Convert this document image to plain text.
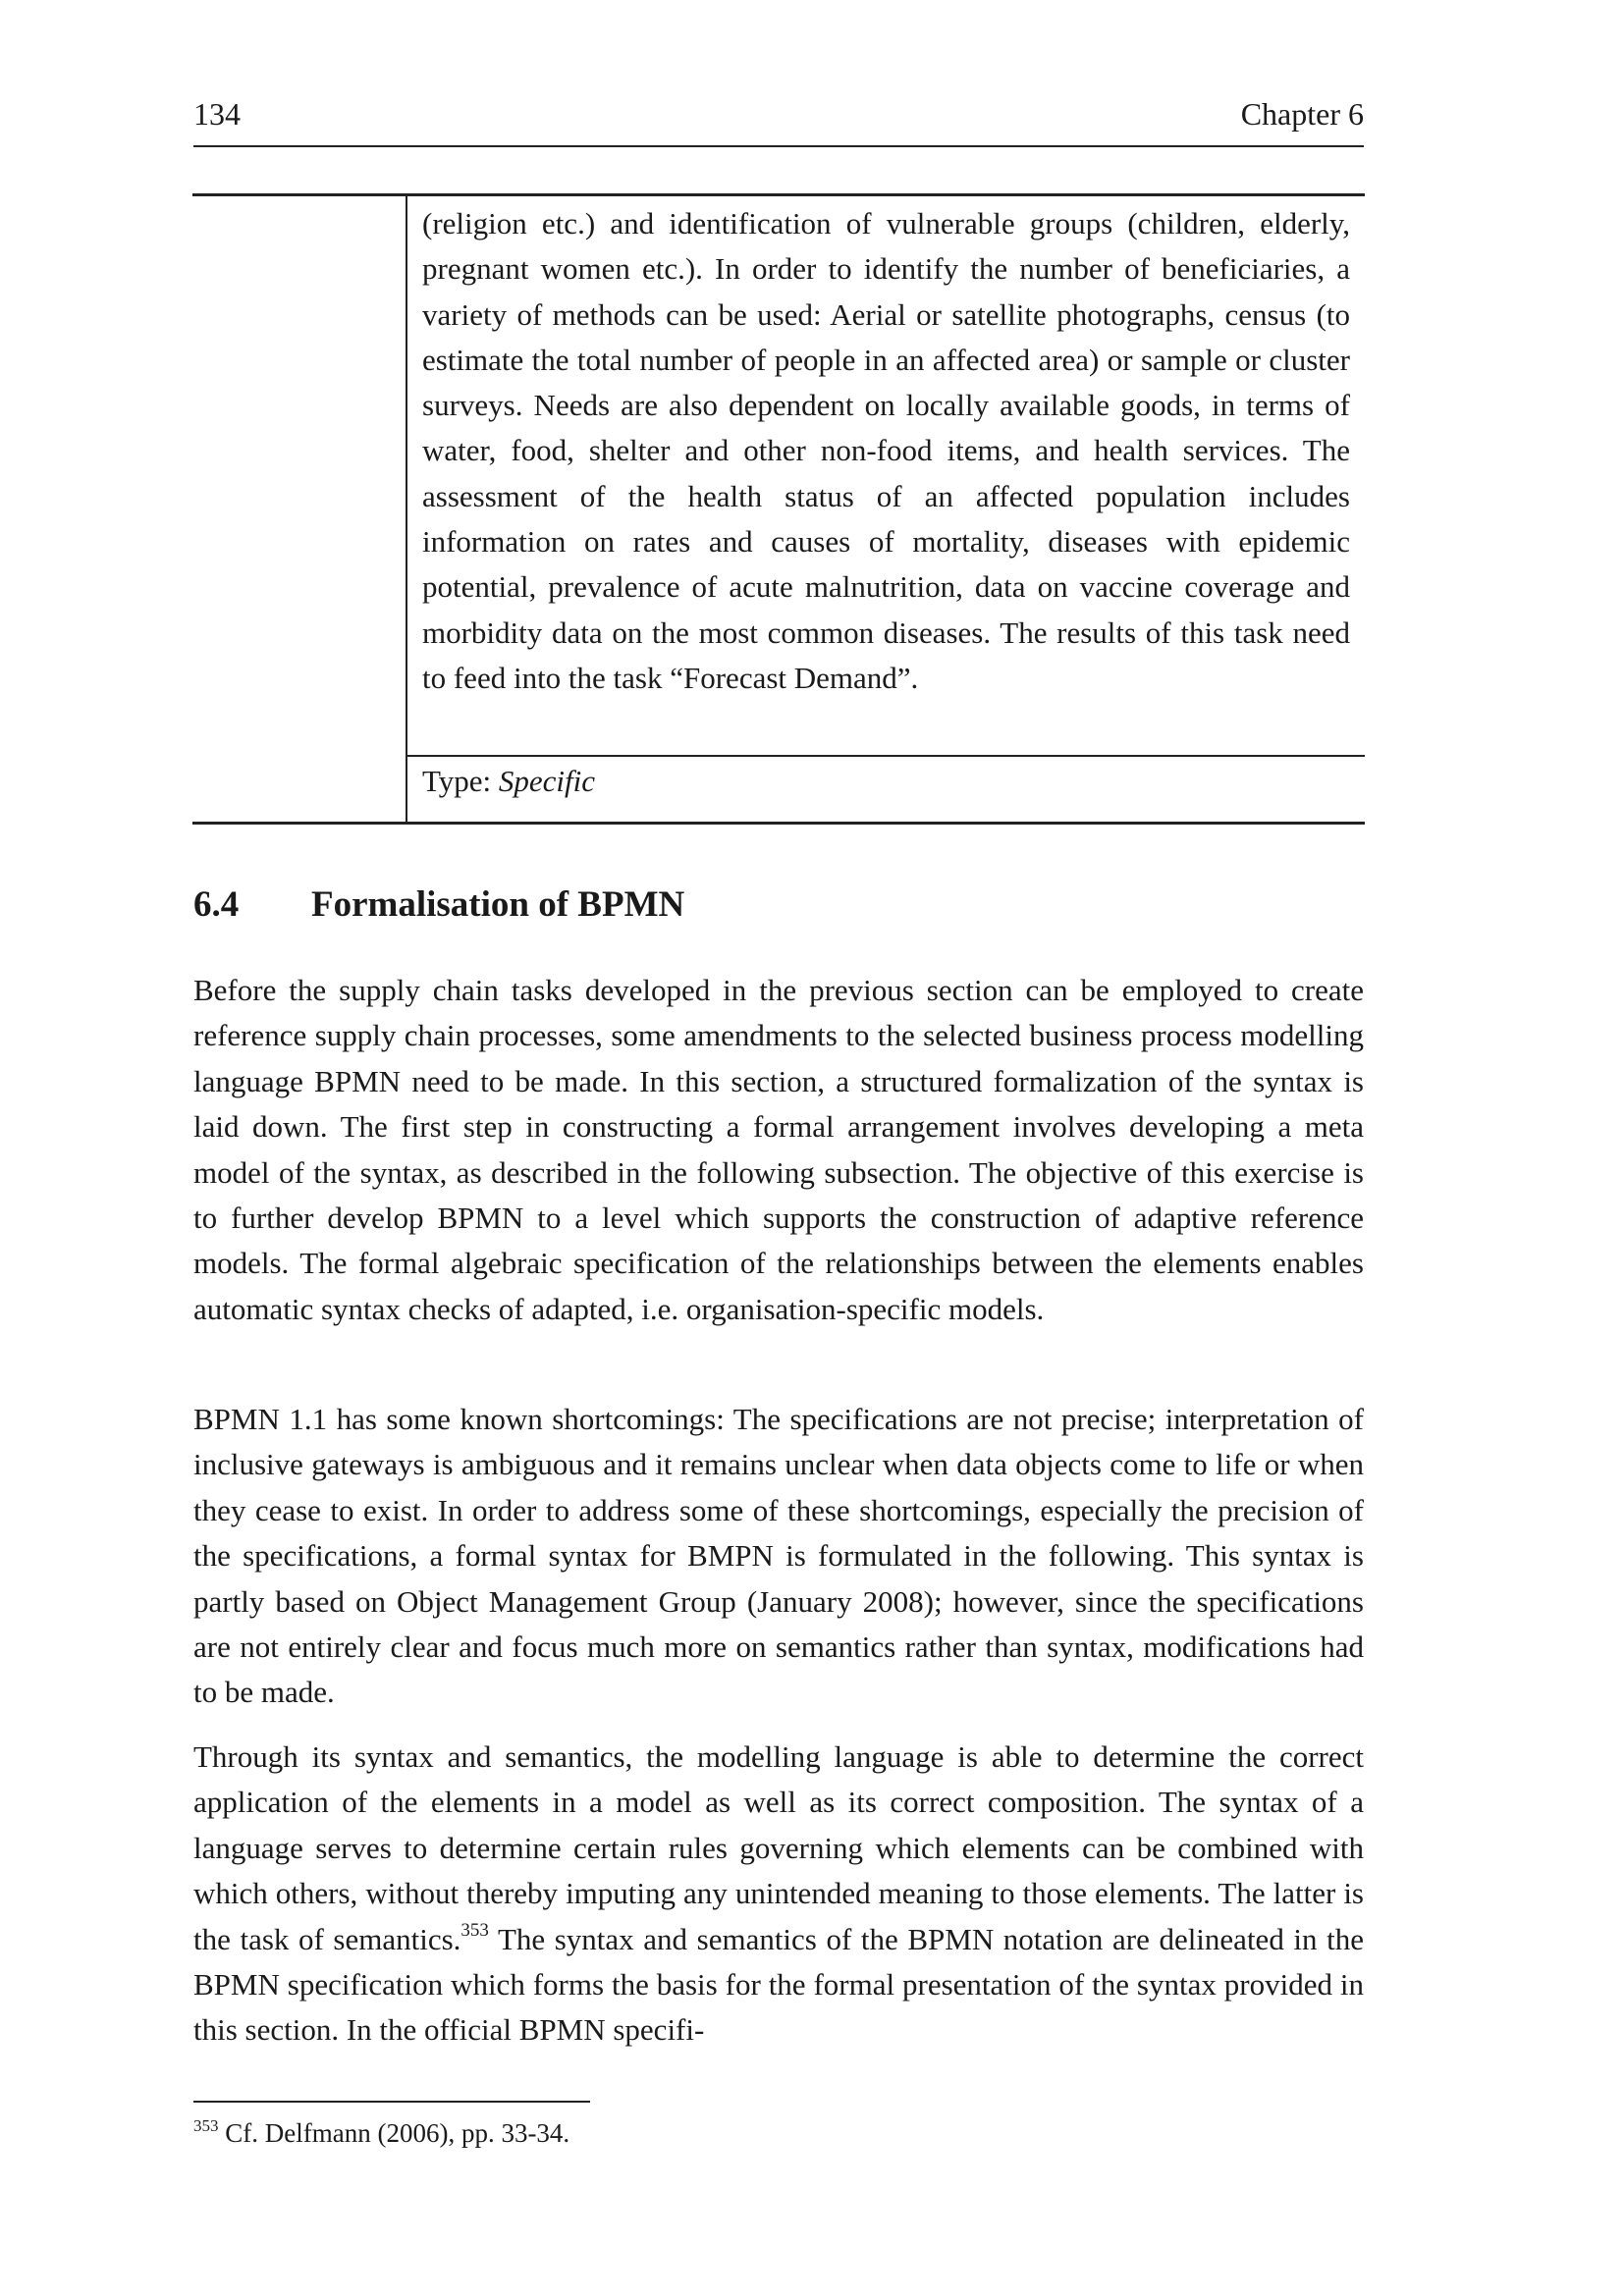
134	Chapter 6
(religion etc.) and identification of vulnerable groups (children, elderly, pregnant women etc.). In order to identify the number of beneficiaries, a variety of methods can be used: Aerial or satellite photographs, census (to estimate the total number of people in an affected area) or sample or cluster surveys. Needs are also dependent on locally available goods, in terms of water, food, shelter and other non-food items, and health services. The assessment of the health status of an affected population includes information on rates and causes of mortality, diseases with epidemic potential, prevalence of acute malnutrition, data on vaccine coverage and morbidity data on the most common diseases. The results of this task need to feed into the task “Forecast Demand”.
Type: Specific
6.4 Formalisation of BPMN

Before the supply chain tasks developed in the previous section can be employed to create reference supply chain processes, some amendments to the selected business process modelling language BPMN need to be made. In this section, a structured formalization of the syntax is laid down. The first step in constructing a formal arrangement involves developing a meta model of the syntax, as described in the following subsection. The objective of this exercise is to further develop BPMN to a level which supports the construction of adaptive reference models. The formal algebraic specification of the relationships between the elements enables automatic syntax checks of adapted, i.e. organisation-specific models.

BPMN 1.1 has some known shortcomings: The specifications are not precise; interpretation of inclusive gateways is ambiguous and it remains unclear when data objects come to life or when they cease to exist. In order to address some of these shortcomings, especially the precision of the specifications, a formal syntax for BMPN is formulated in the following. This syntax is partly based on Object Management Group (January 2008); however, since the specifications are not entirely clear and focus much more on semantics rather than syntax, modifications had to be made.

Through its syntax and semantics, the modelling language is able to determine the correct application of the elements in a model as well as its correct composition. The syntax of a language serves to determine certain rules governing which elements can be combined with which others, without thereby imputing any unintended meaning to those elements. The latter is the task of semantics.$^{353}$ The syntax and semantics of the BPMN notation are delineated in the BPMN specification which forms the basis for the formal presentation of the syntax provided in this section. In the official BPMN specifi-

$^{353}$ Cf. Delfmann (2006), pp. 33-34.
